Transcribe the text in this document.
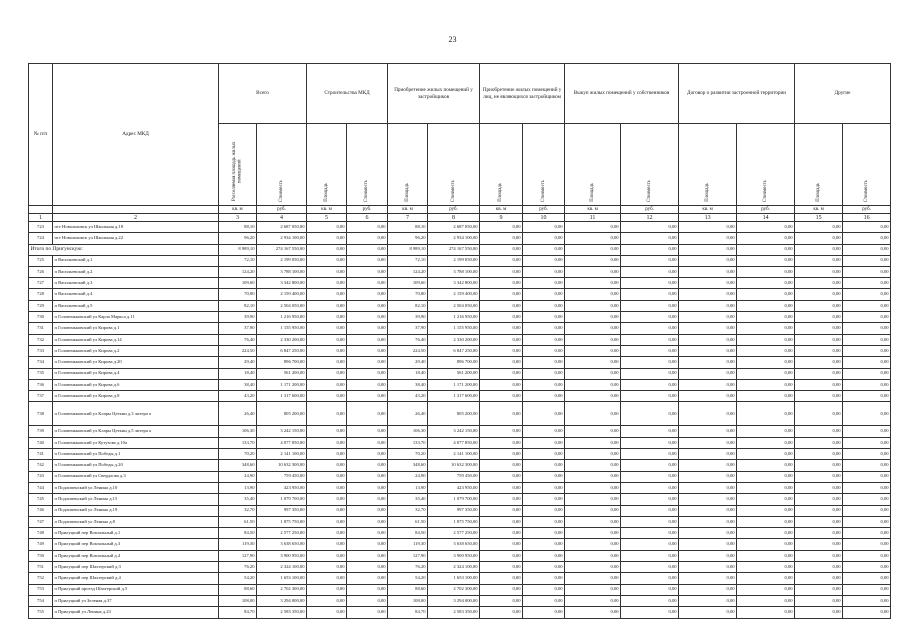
23
№ п/п	Адрес МКД	Всего		Строительства МКД		Приобретение жилых помещений у застройщиков		Приобретение жилых помещений у лиц, не являющихся застройщиком		Выкуп жилых помещений у собственников		Договор о развитии застроенной территории		Другие	

		Расселяемая площадь жилых помещений	Стоимость	Площадь	Стоимость	Площадь	Стоимость	Площадь	Стоимость	Площадь	Стоимость	Площадь	Стоимость	Площадь	Стоимость

		кв. м	руб.	кв. м	руб.	кв. м	руб.	кв. м	руб.	кв. м	руб.	кв. м	руб.	кв. м	руб.
1	2	3	4	5	6	7	8	9	10	11	12	13	14	15	16
723	пгт Новольвовск ул Школьная д.18	88,10	2 687 050,00	0,00	0,00	88,10	2 687 050,00	0,00	0,00	0,00	0,00	0,00	0,00	0,00	0,00
724	пгт Новольвовск ул Школьная д.22	96,20	2 934 100,00	0,00	0,00	96,20	2 934 100,00	0,00	0,00	0,00	0,00	0,00	0,00	0,00	0,00
Итого по Пригунскую:		8 989,10	274 167 550,00	0,00	0,00	8 989,10	274 167 550,00	0,00	0,00	0,00	0,00	0,00	0,00	0,00	0,00
725	п Васильевский д.1	72,10	2 199 050,00	0,00	0,00	72,10	2 199 050,00	0,00	0,00	0,00	0,00	0,00	0,00	0,00	0,00
726	п Васильевский д.2	124,20	3 788 100,00	0,00	0,00	124,20	3 788 100,00	0,00	0,00	0,00	0,00	0,00	0,00	0,00	0,00
727	п Васильевский д.3	109,60	3 342 800,00	0,00	0,00	109,60	3 342 800,00	0,00	0,00	0,00	0,00	0,00	0,00	0,00	0,00
728	п Васильевский д.4	70,80	2 159 400,00	0,00	0,00	70,80	2 159 400,00	0,00	0,00	0,00	0,00	0,00	0,00	0,00	0,00
729	п Васильевский д.5	82,10	2 504 050,00	0,00	0,00	82,10	2 504 050,00	0,00	0,00	0,00	0,00	0,00	0,00	0,00	0,00
730	п Головеньковский ул Карла Маркса д.11	39,90	1 216 950,00	0,00	0,00	39,90	1 216 950,00	0,00	0,00	0,00	0,00	0,00	0,00	0,00	0,00
731	п Головеньковский ул Кирова д.1	37,90	1 155 950,00	0,00	0,00	37,90	1 155 950,00	0,00	0,00	0,00	0,00	0,00	0,00	0,00	0,00
732	п Головеньковский ул Кирова д.14	76,40	2 330 200,00	0,00	0,00	76,40	2 330 200,00	0,00	0,00	0,00	0,00	0,00	0,00	0,00	0,00
733	п Головеньковский ул Кирова д.2	224,50	6 847 250,00	0,00	0,00	224,50	6 847 250,00	0,00	0,00	0,00	0,00	0,00	0,00	0,00	0,00
734	п Головеньковский ул Кирова д.20	29,40	896 700,00	0,00	0,00	29,40	896 700,00	0,00	0,00	0,00	0,00	0,00	0,00	0,00	0,00
735	п Головеньковский ул Кирова д.4	18,40	561 200,00	0,00	0,00	18,40	561 200,00	0,00	0,00	0,00	0,00	0,00	0,00	0,00	0,00
736	п Головеньковский ул Кирова д.6	38,40	1 171 200,00	0,00	0,00	38,40	1 171 200,00	0,00	0,00	0,00	0,00	0,00	0,00	0,00	0,00
737	п Головеньковский ул Кирова д.8	43,20	1 317 600,00	0,00	0,00	43,20	1 317 600,00	0,00	0,00	0,00	0,00	0,00	0,00	0,00	0,00
738	п Головеньковский ул Клары Цеткин д.3 литера а	26,40	805 200,00	0,00	0,00	26,40	805 200,00	0,00	0,00	0,00	0,00	0,00	0,00	0,00	0,00
739	п Головеньковский ул Клары Цеткин д.5 литера а	106,30	3 242 150,00	0,00	0,00	106,30	3 242 150,00	0,00	0,00	0,00	0,00	0,00	0,00	0,00	0,00
740	п Головеньковский ул Кутузова д.10а	133,70	4 077 850,00	0,00	0,00	133,70	4 077 850,00	0,00	0,00	0,00	0,00	0,00	0,00	0,00	0,00
741	п Головеньковский ул Победы д.1	70,20	2 141 100,00	0,00	0,00	70,20	2 141 100,00	0,00	0,00	0,00	0,00	0,00	0,00	0,00	0,00
742	п Головеньковский ул Победы д.20	348,60	10 632 300,00	0,00	0,00	348,60	10 632 300,00	0,00	0,00	0,00	0,00	0,00	0,00	0,00	0,00
743	п Головеньковский ул Свердлова д.3	24,90	759 450,00	0,00	0,00	24,90	759 450,00	0,00	0,00	0,00	0,00	0,00	0,00	0,00	0,00
744	п Подлипенский ул Ленина д.10	13,90	423 950,00	0,00	0,00	13,90	423 950,00	0,00	0,00	0,00	0,00	0,00	0,00	0,00	0,00
745	п Подлипенский ул Ленина д.15	35,40	1 079 700,00	0,00	0,00	35,40	1 079 700,00	0,00	0,00	0,00	0,00	0,00	0,00	0,00	0,00
746	п Подлипенский ул Ленина д.19	32,70	997 350,00	0,00	0,00	32,70	997 350,00	0,00	0,00	0,00	0,00	0,00	0,00	0,00	0,00
747	п Подлипенский ул Ленина д.8	61,50	1 875 750,00	0,00	0,00	61,50	1 875 750,00	0,00	0,00	0,00	0,00	0,00	0,00	0,00	0,00
748	п Прилуцкий пер Вокзальный д.1	84,50	2 577 250,00	0,00	0,00	84,50	2 577 250,00	0,00	0,00	0,00	0,00	0,00	0,00	0,00	0,00
749	п Прилуцкий пер Вокзальный д.3	119,30	3 638 650,00	0,00	0,00	119,30	3 638 650,00	0,00	0,00	0,00	0,00	0,00	0,00	0,00	0,00
750	п Прилуцкий пер Вокзальный д.4	127,90	3 900 950,00	0,00	0,00	127,90	3 900 950,00	0,00	0,00	0,00	0,00	0,00	0,00	0,00	0,00
751	п Прилуцкий пер Шахтерский д.3	76,20	2 324 100,00	0,00	0,00	76,20	2 324 100,00	0,00	0,00	0,00	0,00	0,00	0,00	0,00	0,00
752	п Прилуцкий пер Шахтерский д.4	54,20	1 653 100,00	0,00	0,00	54,20	1 653 100,00	0,00	0,00	0,00	0,00	0,00	0,00	0,00	0,00
753	п Прилуцкий проезд Шахтерский д.5	88,60	2 702 300,00	0,00	0,00	88,60	2 702 300,00	0,00	0,00	0,00	0,00	0,00	0,00	0,00	0,00
754	п Прилуцкий ул Зеленая д.37	108,00	3 294 000,00	0,00	0,00	108,00	3 294 000,00	0,00	0,00	0,00	0,00	0,00	0,00	0,00	0,00
755	п Прилуцкий ул Ленина д.23	84,70	2 583 350,00	0,00	0,00	84,70	2 583 350,00	0,00	0,00	0,00	0,00	0,00	0,00	0,00	0,00
